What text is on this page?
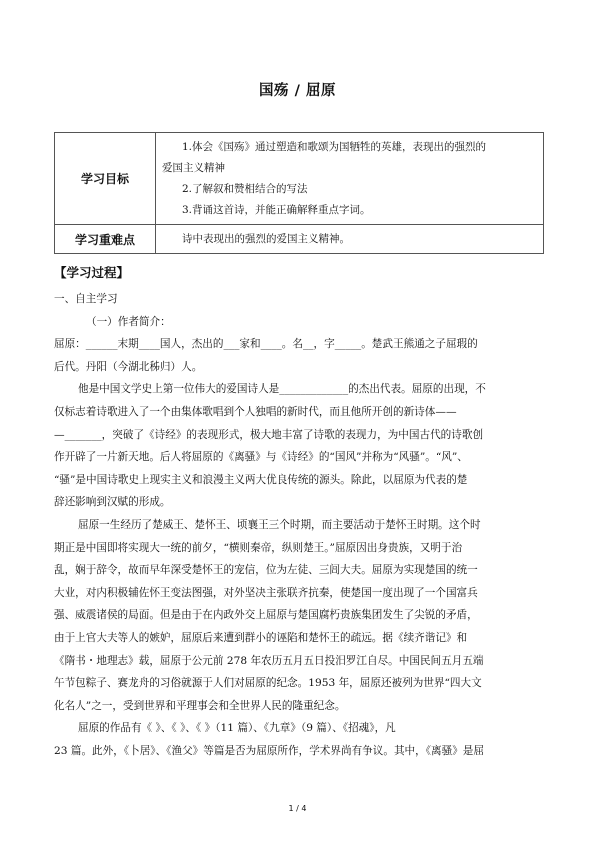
国殇 / 屈原
学习目标	1.体会《国殇》通过塑造和歌颂为国牺牲的英雄，表现出的强烈的
爱国主义精神
2.了解叙和赞相结合的写法
3.背诵这首诗，并能正确解释重点字词。

学习重难点	诗中表现出的强烈的爱国主义精神。
【学习过程】
一、自主学习
（一）作者简介：
屈原：______末期____国人，杰出的___家和____。名__，字_____。楚武王熊通之子屈瑕的
后代。丹阳（今湖北秭归）人。
他是中国文学史上第一位伟大的爱国诗人是_____________的杰出代表。屈原的出现，不
仅标志着诗歌进入了一个由集体歌唱到个人独唱的新时代，而且他所开创的新诗体——
—_______，突破了《诗经》的表现形式，极大地丰富了诗歌的表现力，为中国古代的诗歌创
作开辟了一片新天地。后人将屈原的《离骚》与《诗经》的“国风”并称为“风骚”。“风”、
“骚”是中国诗歌史上现实主义和浪漫主义两大优良传统的源头。除此，以屈原为代表的楚
辞还影响到汉赋的形成。
屈原一生经历了楚威王、楚怀王、顷襄王三个时期，而主要活动于楚怀王时期。这个时
期正是中国即将实现大一统的前夕，“横则秦帝，纵则楚王。”屈原因出身贵族，又明于治
乱，娴于辞令，故而早年深受楚怀王的宠信，位为左徒、三闾大夫。屈原为实现楚国的统一
大业，对内积极辅佐怀王变法图强，对外坚决主张联齐抗秦，使楚国一度出现了一个国富兵
强、威震诸侯的局面。但是由于在内政外交上屈原与楚国腐朽贵族集团发生了尖锐的矛盾，
由于上官大夫等人的嫉妒，屈原后来遭到群小的诬陷和楚怀王的疏远。据《续齐谐记》和
《隋书・地理志》载，屈原于公元前 278 年农历五月五日投汨罗江自尽。中国民间五月五端
午节包粽子、赛龙舟的习俗就源于人们对屈原的纪念。1953 年，屈原还被列为世界“四大文
化名人”之一，受到世界和平理事会和全世界人民的隆重纪念。
屈原的作品有《 》、《 》、《 》（11 篇）、《九章》（9 篇）、《招魂》，凡
23 篇。此外，《卜居》、《渔父》等篇是否为屈原所作，学术界尚有争议。其中，《离骚》是屈
1 / 4
